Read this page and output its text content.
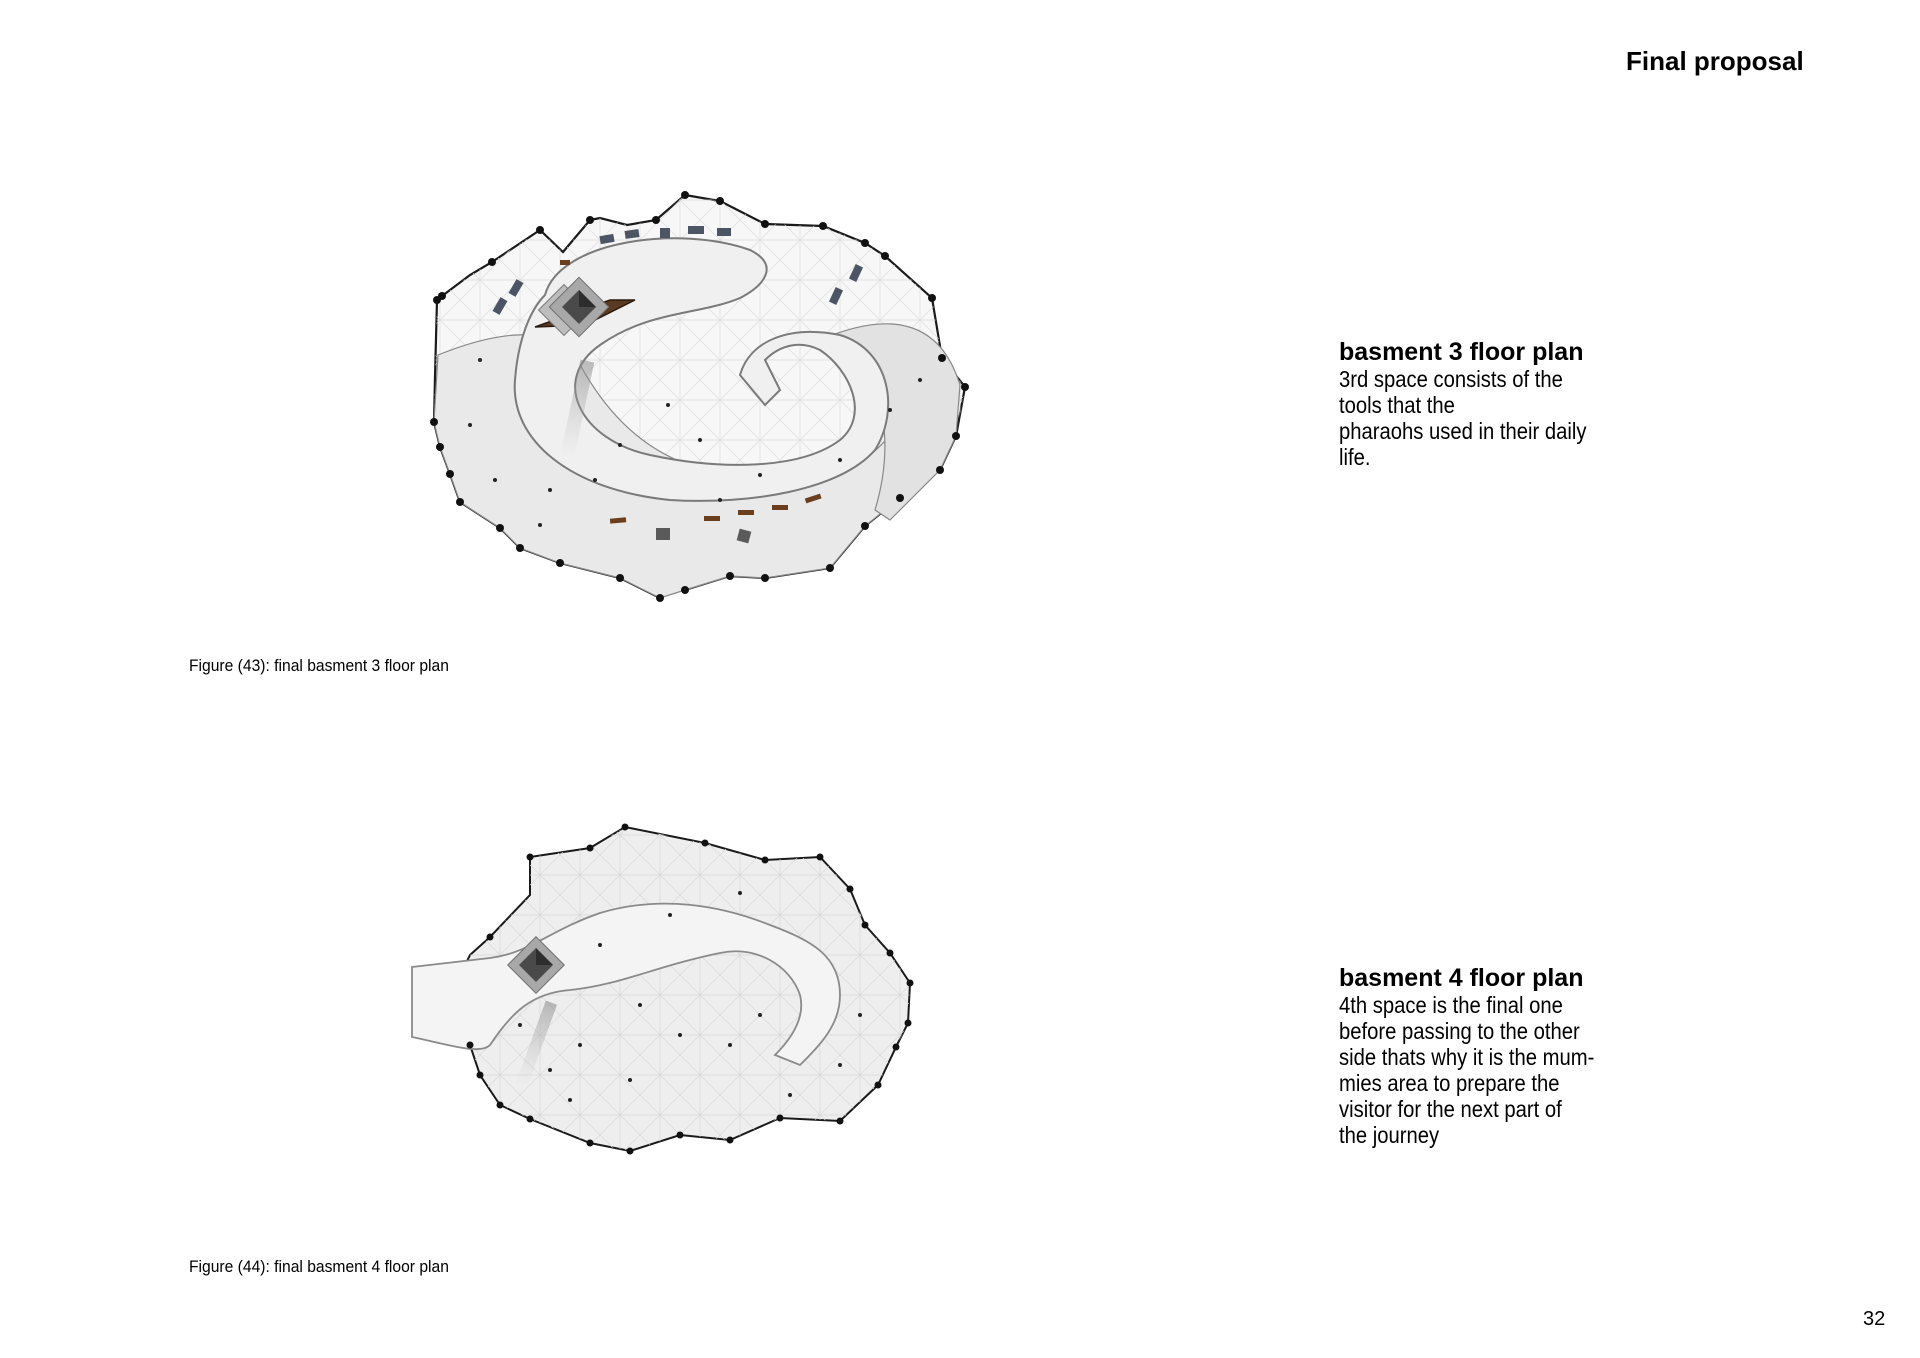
Final proposal
Figure (43): final basment 3 floor plan
Figure (44): final basment 4 floor plan
basment 3 floor plan
3rd space consists of the
tools that the
pharaohs used in their daily
life.
basment 4 floor plan
4th space is the final one
before passing to the other
side thats why it is the mum-
mies area to prepare the
visitor for the next part of
the journey
32
